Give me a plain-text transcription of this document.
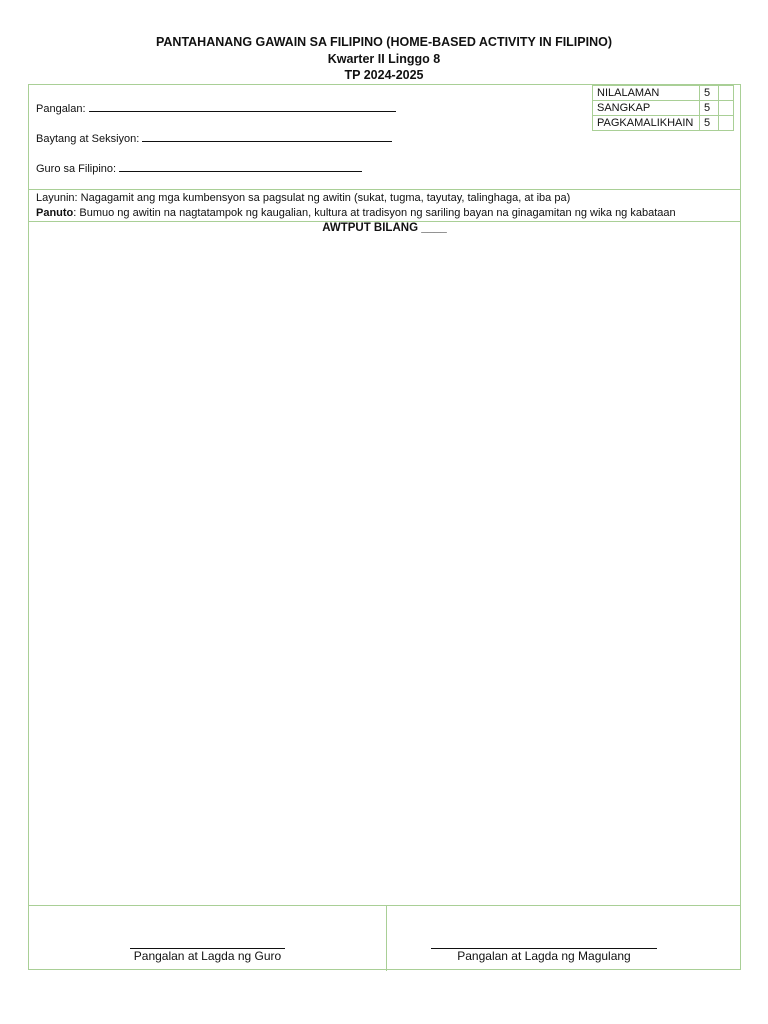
PANTAHANANG GAWAIN SA FILIPINO (HOME-BASED ACTIVITY IN FILIPINO)
Kwarter II Linggo 8
TP 2024-2025
Pangalan:
Baytang at Seksiyon:
Guro sa Filipino:
NILALAMAN	5	
SANGKAP	5	
PAGKAMALIKHAIN	5	
Layunin: Nagagamit ang mga kumbensyon sa pagsulat ng awitin (sukat, tugma, tayutay, talinghaga, at iba pa)
Panuto: Bumuo ng awitin na nagtatampok ng kaugalian, kultura at tradisyon ng sariling bayan na ginagamitan ng wika ng kabataan
AWTPUT BILANG ____
Pangalan at Lagda ng Guro	Pangalan at Lagda ng Magulang
